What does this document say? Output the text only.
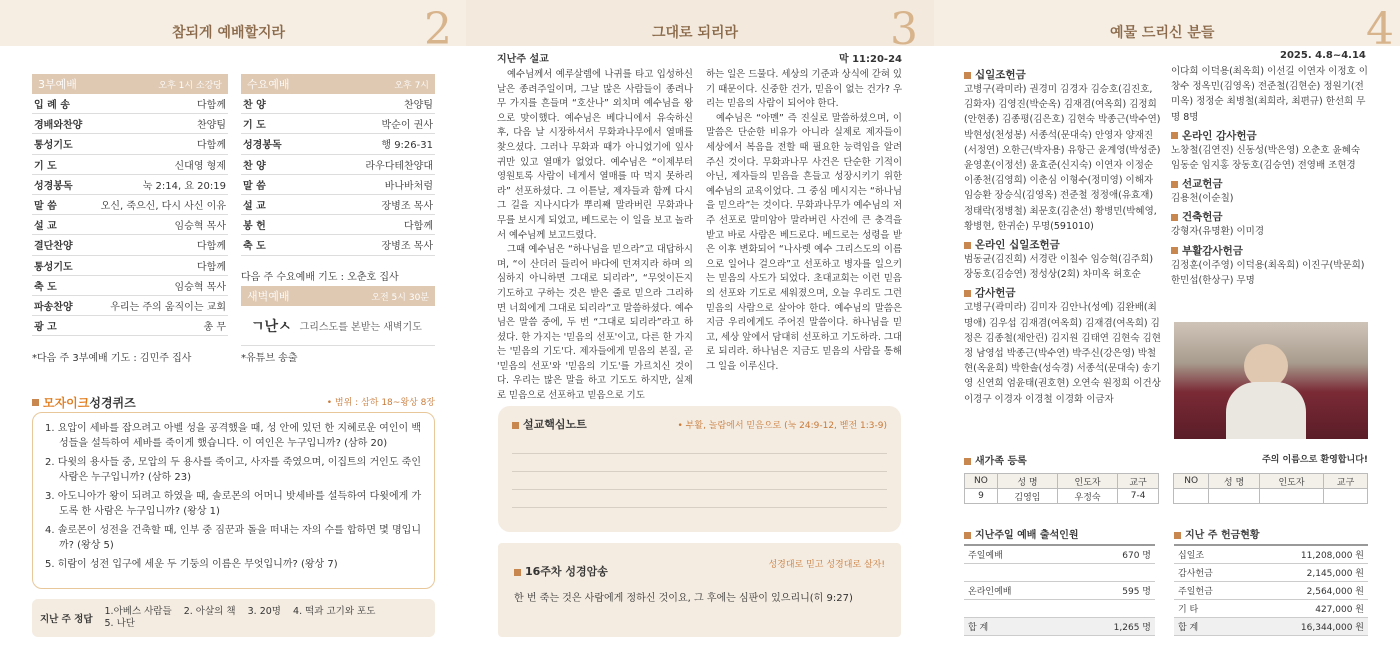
참되게 예배할지라	2	그대로 되리라	3	예물 드리신 분들	4
3부예배	오후 1시 소강당
입 례 송	다함께
경배와찬양	찬양팀
통성기도	다함께
기 도	신대영 형제
성경봉독	눅 2:14, 요 20:19
말 씀	오신, 죽으신, 다시 사신 이유
설 교	임승혁 목사
결단찬양	다함께
통성기도	다함께
축 도	임승혁 목사
파송찬양	우리는 주의 움직이는 교회
광 고	총 무
*다음 주 3부예배 기도 : 김민주 집사
수요예배	오후 7시
찬 양	찬양팀
기 도	박순이 권사
성경봉독	행 9:26-31
찬 양	라우다테찬양대
말 씀	바나바처럼
설 교	장병조 목사
봉 헌	다함께
축 도	장병조 목사
다음 주 수요예배 기도 : 오춘호 집사
새벽예배	오전 5시 30분
ㄱ난ㅅ 그리스도를 본받는 새벽기도
*유튜브 송출
모자이크성경퀴즈	• 범위 : 삼하 18~왕상 8장
1. 요압이 세바를 잡으려고 아벨 성을 공격했을 때, 성 안에 있던 한 지혜로운 여인이 백성들을 설득하여 세바를 죽이게 했습니다. 이 여인은 누구입니까? (삼하 20)
2. 다윗의 용사들 중, 모압의 두 용사를 죽이고, 사자를 죽였으며, 이집트의 거인도 죽인 사람은 누구입니까? (삼하 23)
3. 아도니아가 왕이 되려고 하였을 때, 솔로몬의 어머니 밧세바를 설득하여 다윗에게 가도록 한 사람은 누구입니까? (왕상 1)
4. 솔로몬이 성전을 건축할 때, 인부 중 짐꾼과 돌을 떠내는 자의 수를 합하면 몇 명입니까? (왕상 5)
5. 히람이 성전 입구에 세운 두 기둥의 이름은 무엇입니까? (왕상 7)
지난 주 정답
1.아베스 사람들    2. 아살의 책    3. 20명    4. 떡과 고기와 포도
5. 나단
지난주 설교	막 11:20-24

예수님께서 예루살렘에 나귀를 타고 입성하신 날은 종려주일이며, 그날 많은 사람들이 종려나무 가지를 흔들며 “호산나” 외치며 예수님을 왕으로 맞이했다. 예수님은 베다니에서 유숙하신 후, 다음 날 시장하셔서 무화과나무에서 열매를 찾으셨다. 그러나 무화과 때가 아니었기에 잎사귀만 있고 열매가 없었다. 예수님은 “이제부터 영원토록 사람이 네게서 열매를 따 먹지 못하리라” 선포하셨다. 그 이튿날, 제자들과 함께 다시 그 길을 지나시다가 뿌리째 말라버린 무화과나무를 보시게 되었고, 베드로는 이 일을 보고 놀라서 예수님께 보고드렸다.

그때 예수님은 “하나님을 믿으라”고 대답하시며, “이 산더러 들리어 바다에 던져지라 하며 의심하지 아니하면 그대로 되리라”, “무엇이든지 기도하고 구하는 것은 받은 줄로 믿으라 그리하면 너희에게 그대로 되리라”고 말씀하셨다. 예수님은 말씀 중에, 두 번 “그대로 되리라”라고 하셨다. 한 가지는 '믿음의 선포'이고, 다른 한 가지는 '믿음의 기도'다. 제자들에게 믿음의 본질, 곧 '믿음의 선포'와 '믿음의 기도'를 가르치신 것이다. 우리는 많은 말을 하고 기도도 하지만, 실제로 믿음으로 선포하고 믿음으로 기도

하는 일은 드물다. 세상의 기준과 상식에 갇혀 있기 때문이다. 신중한 건가, 믿음이 없는 건가? 우리는 믿음의 사람이 되어야 한다.

예수님은 “아멘” 즉 진실로 말씀하셨으며, 이 말씀은 단순한 비유가 아니라 실제로 제자들이 세상에서 복음을 전할 때 필요한 능력임을 알려주신 것이다. 무화과나무 사건은 단순한 기적이 아닌, 제자들의 믿음을 흔들고 성장시키기 위한 예수님의 교육이었다. 그 중심 메시지는 “하나님을 믿으라”는 것이다. 무화과나무가 예수님의 저주 선포로 말미암아 말라버린 사건에 큰 충격을 받고 바로 사람은 베드로다. 베드로는 성령을 받은 이후 변화되어 “나사렛 예수 그리스도의 이름으로 일어나 걸으라”고 선포하고 병자를 일으키는 믿음의 사도가 되었다. 초대교회는 이런 믿음의 선포와 기도로 세워졌으며, 오늘 우리도 그런 믿음의 사람으로 살아야 한다. 예수님의 말씀은 지금 우리에게도 주어진 말씀이다. 하나님을 믿고, 세상 앞에서 담대히 선포하고 기도하라. 그대로 되리라. 하나님은 지금도 믿음의 사람을 통해 그 일을 이루신다.

설교핵심노트	• 부활, 놀람에서 믿음으로 (눅 24:9-12, 벧전 1:3-9)
16주차 성경암송
성경대로 믿고 성경대로 살자!
한 번 죽는 것은 사람에게 정하신 것이요, 그 후에는 심판이 있으리니(히 9:27)
2025. 4.8~4.14
십일조헌금
고병구(곽미라) 권경미 김경자 김승호(김진호, 김화자) 김영진(박순옥) 김재겸(여옥희) 김정희(안현종) 김종평(김은호) 김현숙 박종근(박수연) 박현성(천성봉) 서종석(문대숙) 안영자 양재진(서정연) 오한근(박자용) 유항근 윤계영(박성준) 윤영훈(이정선) 윤효준(신지숙) 이연자 이정순 이종천(김영희) 이춘심 이형수(정미영) 이해자 임승환 장승식(김영옥) 전준철 정정애(유효재) 정태락(정병철) 최문호(김춘선) 황병민(박혜영, 황병현, 한귀순) 무명(591010)
온라인 십일조헌금
범동균(김진희) 서경란 이칠수 임승혁(김주희) 장동호(김승연) 정성상(2회) 차미옥 허호순
감사헌금
고병구(곽미라) 김미자 김안나(성예) 김완배(최명애) 김우섭 김재겸(여옥희) 김재겸(여옥희) 김정은 김종철(채안린) 김지원 김태연 김현숙 김현정 남영섭 박종근(박수연) 박주신(강은영) 박철현(옥윤희) 박한솔(성숙경) 서종석(문대숙) 송기영 신연희 엄윤태(권호현) 오연숙 원정희 이건상 이경구 이경자 이경철 이경화 이금자
이다희 이덕용(최옥희) 이선길 이연자 이정호 이창수 정옥민(김영옥) 전준철(김현순) 정원기(전미옥) 정정순 최병철(최희라, 최편규) 한선희 무명 8명
온라인 감사헌금
노창철(김연진) 신동성(박은영) 오춘호 윤혜숙 임동순 임지홍 장동호(김승연) 전영배 조현경
선교헌금
김용천(이순칠)
건축헌금
강형자(유명환) 이미경
부활감사헌금
김정훈(이주영) 이덕용(최옥희) 이진구(박문희) 한민섭(한상구) 무명
새가족 등록	주의 이름으로 환영합니다!
NO	성 명	인도자	교구
9	김영임	우정숙	7-4
NO	성 명	인도자	교구

지난주일 예배 출석인원
주일예배	670 명
온라인예배	595 명
합 계	1,265 명
지난 주 헌금현황
십일조	11,208,000 원
감사헌금	2,145,000 원
주일헌금	2,564,000 원
기 타	427,000 원
합 계	16,344,000 원
